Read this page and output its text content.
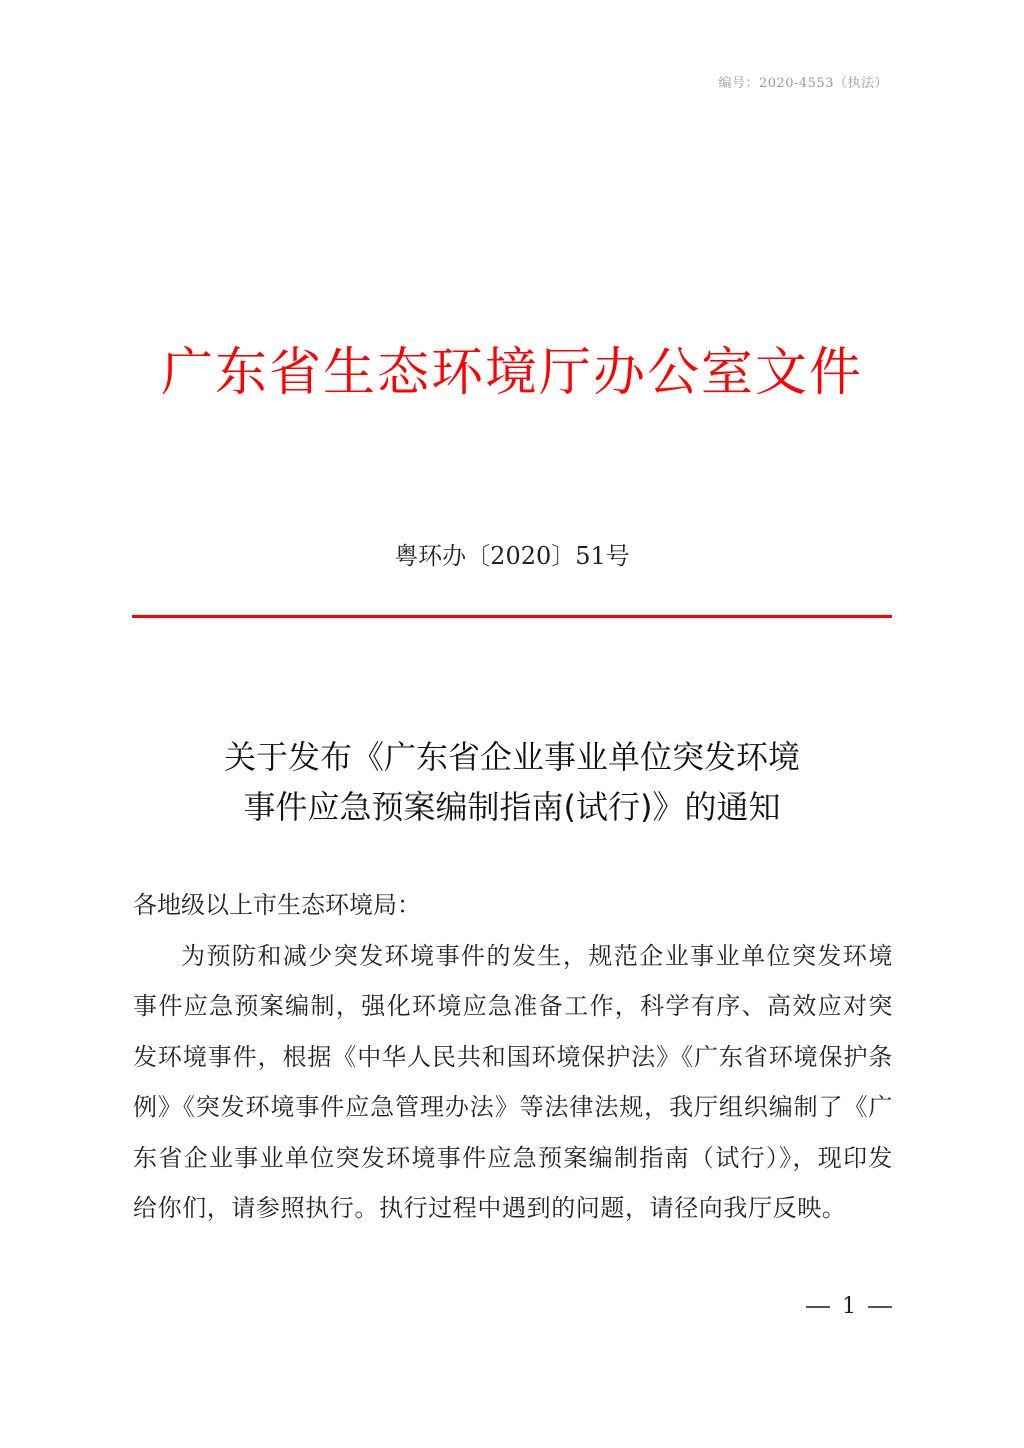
编号：2020-4553（执法）
广东省生态环境厅办公室文件
粤环办〔2020〕51号
关于发布《广东省企业事业单位突发环境
事件应急预案编制指南(试行)》的通知

各地级以上市生态环境局：

为预防和减少突发环境事件的发生，规范企业事业单位突发环境事件应急预案编制，强化环境应急准备工作，科学有序、高效应对突发环境事件，根据《中华人民共和国环境保护法》《广东省环境保护条例》《突发环境事件应急管理办法》等法律法规，我厅组织编制了《广东省企业事业单位突发环境事件应急预案编制指南（试行）》，现印发给你们，请参照执行。执行过程中遇到的问题，请径向我厅反映。

1
